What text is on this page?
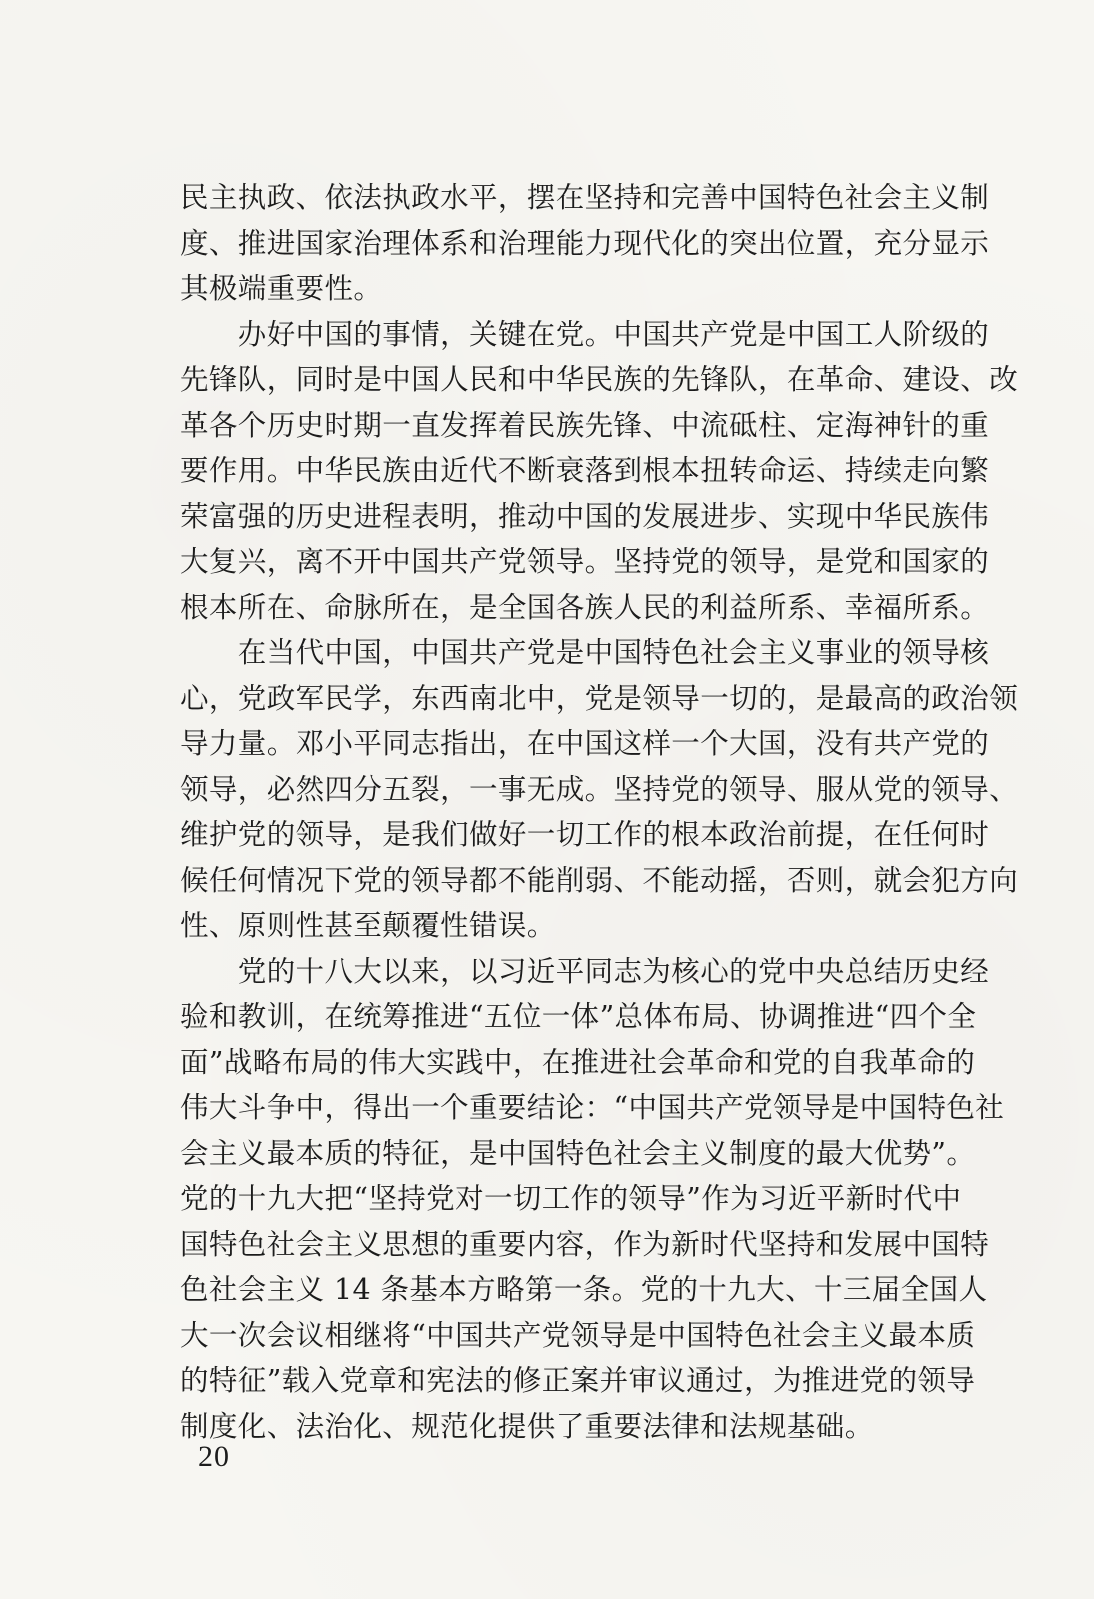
民主执政、依法执政水平，摆在坚持和完善中国特色社会主义制
度、推进国家治理体系和治理能力现代化的突出位置，充分显示
其极端重要性。
　　办好中国的事情，关键在党。中国共产党是中国工人阶级的
先锋队，同时是中国人民和中华民族的先锋队，在革命、建设、改
革各个历史时期一直发挥着民族先锋、中流砥柱、定海神针的重
要作用。中华民族由近代不断衰落到根本扭转命运、持续走向繁
荣富强的历史进程表明，推动中国的发展进步、实现中华民族伟
大复兴，离不开中国共产党领导。坚持党的领导，是党和国家的
根本所在、命脉所在，是全国各族人民的利益所系、幸福所系。
　　在当代中国，中国共产党是中国特色社会主义事业的领导核
心，党政军民学，东西南北中，党是领导一切的，是最高的政治领
导力量。邓小平同志指出，在中国这样一个大国，没有共产党的
领导，必然四分五裂，一事无成。坚持党的领导、服从党的领导、
维护党的领导，是我们做好一切工作的根本政治前提，在任何时
候任何情况下党的领导都不能削弱、不能动摇，否则，就会犯方向
性、原则性甚至颠覆性错误。
　　党的十八大以来，以习近平同志为核心的党中央总结历史经
验和教训，在统筹推进“五位一体”总体布局、协调推进“四个全
面”战略布局的伟大实践中，在推进社会革命和党的自我革命的
伟大斗争中，得出一个重要结论：“中国共产党领导是中国特色社
会主义最本质的特征，是中国特色社会主义制度的最大优势”。
党的十九大把“坚持党对一切工作的领导”作为习近平新时代中
国特色社会主义思想的重要内容，作为新时代坚持和发展中国特
色社会主义 14 条基本方略第一条。党的十九大、十三届全国人
大一次会议相继将“中国共产党领导是中国特色社会主义最本质
的特征”载入党章和宪法的修正案并审议通过，为推进党的领导
制度化、法治化、规范化提供了重要法律和法规基础。
20
